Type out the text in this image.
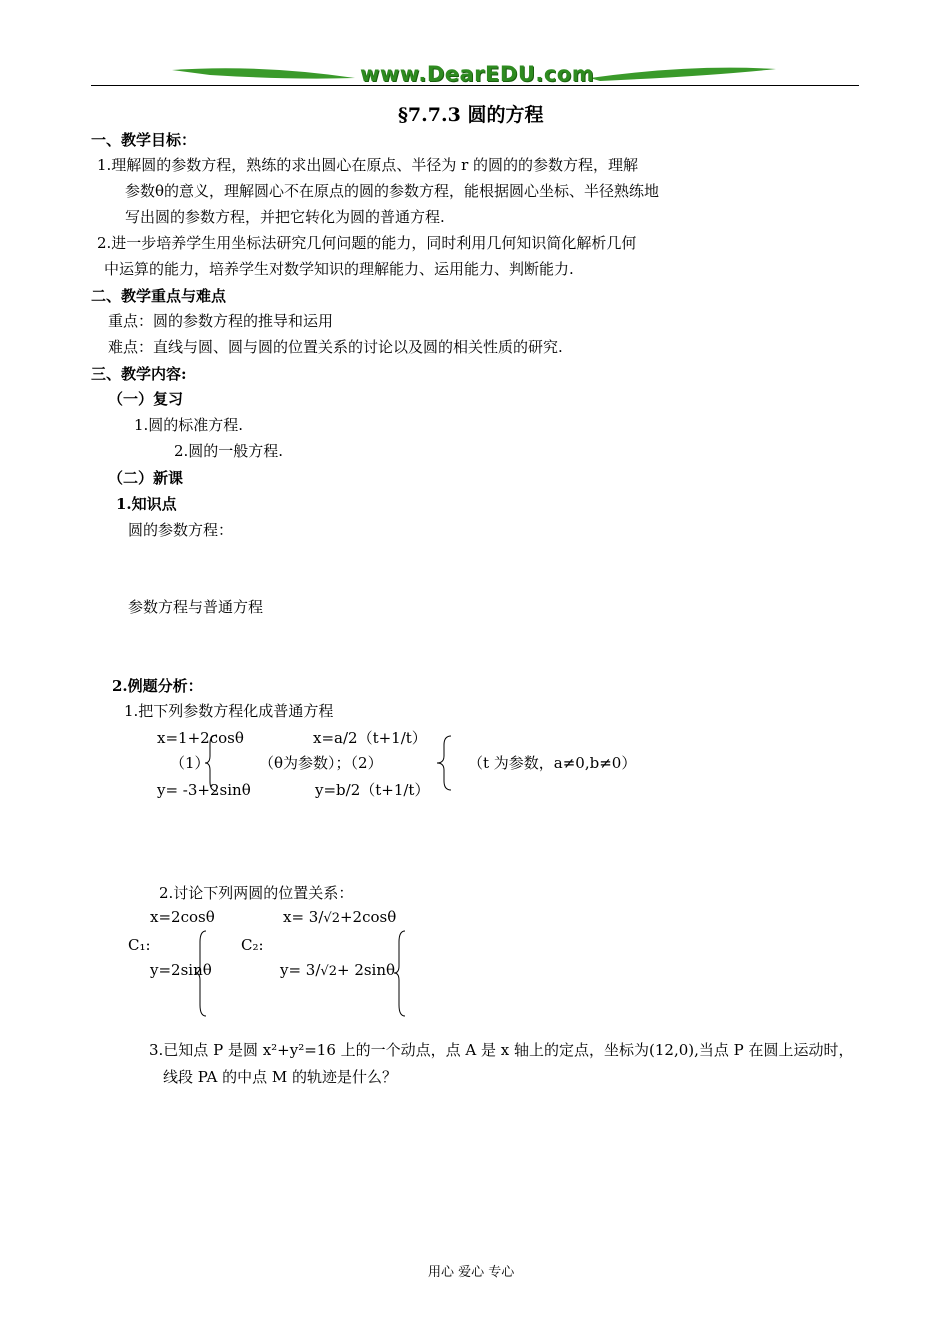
www.DearEDU.com
§7.7.3 圆的方程
一、教学目标：
1.理解圆的参数方程，熟练的求出圆心在原点、半径为 r 的圆的的参数方程，理解
参数θ的意义，理解圆心不在原点的圆的参数方程，能根据圆心坐标、半径熟练地
写出圆的参数方程，并把它转化为圆的普通方程.
2.进一步培养学生用坐标法研究几何问题的能力，同时利用几何知识简化解析几何
中运算的能力，培养学生对数学知识的理解能力、运用能力、判断能力.
二、教学重点与难点
重点：圆的参数方程的推导和运用
难点：直线与圆、圆与圆的位置关系的讨论以及圆的相关性质的研究.
三、教学内容:
（一）复习
1.圆的标准方程.
2.圆的一般方程.
（二）新课
1.知识点
圆的参数方程：
参数方程与普通方程
2.例题分析：
1.把下列参数方程化成普通方程
x=1+2cosθ
（1）	（θ为参数）；（2）
y= -3+2sinθ
x=a/2（t+1/t）
y=b/2（t+1/t）
（t 为参数，a≠0,b≠0）
2.讨论下列两圆的位置关系：
x=2cosθ
C₁:
y=2sinθ
x= 3/√2+2cosθ
C₂:
y= 3/√2+ 2sinθ
3.已知点 P 是圆 x²+y²=16 上的一个动点，点 A 是 x 轴上的定点，坐标为(12,0),当点 P 在圆上运动时，
线段 PA 的中点 M 的轨迹是什么？
用心 爱心 专心
